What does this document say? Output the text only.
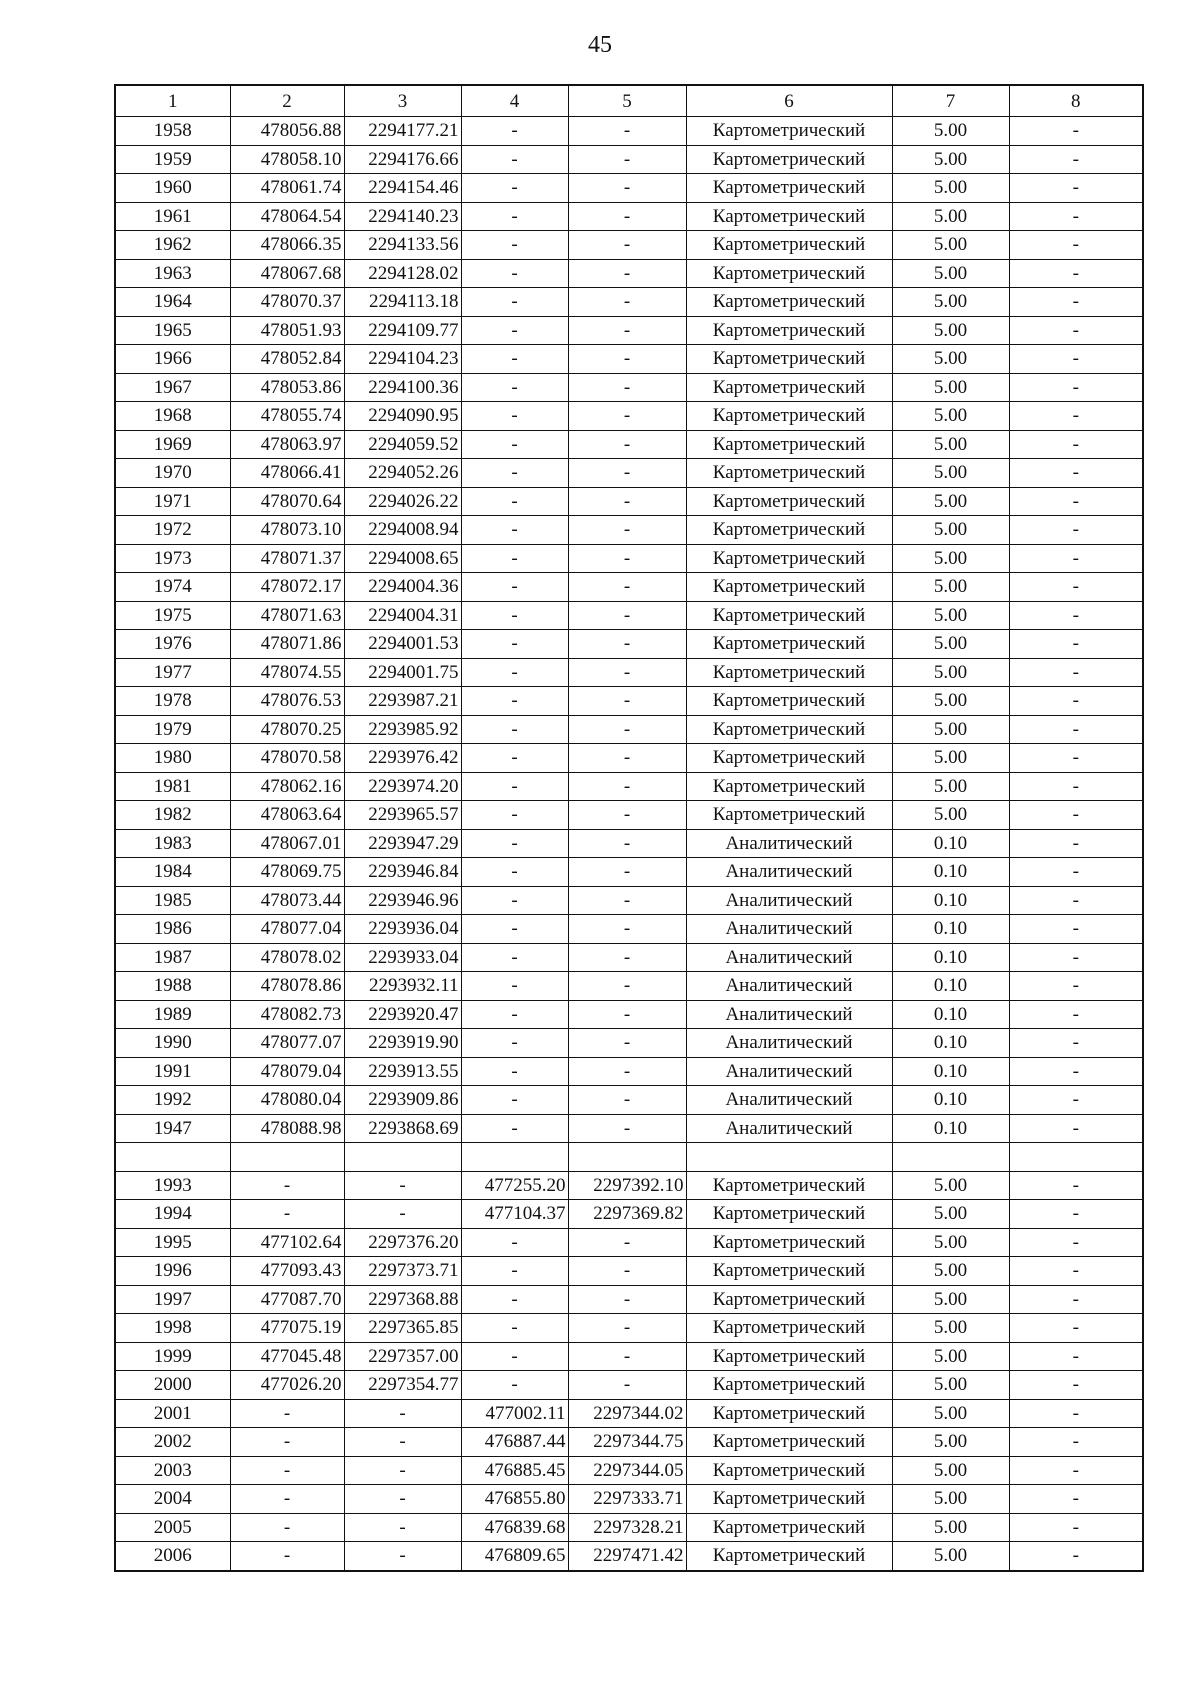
45
1	2	3	4	5	6	7	8
1958	478056.88	2294177.21	-	-	Картометрический	5.00	-
1959	478058.10	2294176.66	-	-	Картометрический	5.00	-
1960	478061.74	2294154.46	-	-	Картометрический	5.00	-
1961	478064.54	2294140.23	-	-	Картометрический	5.00	-
1962	478066.35	2294133.56	-	-	Картометрический	5.00	-
1963	478067.68	2294128.02	-	-	Картометрический	5.00	-
1964	478070.37	2294113.18	-	-	Картометрический	5.00	-
1965	478051.93	2294109.77	-	-	Картометрический	5.00	-
1966	478052.84	2294104.23	-	-	Картометрический	5.00	-
1967	478053.86	2294100.36	-	-	Картометрический	5.00	-
1968	478055.74	2294090.95	-	-	Картометрический	5.00	-
1969	478063.97	2294059.52	-	-	Картометрический	5.00	-
1970	478066.41	2294052.26	-	-	Картометрический	5.00	-
1971	478070.64	2294026.22	-	-	Картометрический	5.00	-
1972	478073.10	2294008.94	-	-	Картометрический	5.00	-
1973	478071.37	2294008.65	-	-	Картометрический	5.00	-
1974	478072.17	2294004.36	-	-	Картометрический	5.00	-
1975	478071.63	2294004.31	-	-	Картометрический	5.00	-
1976	478071.86	2294001.53	-	-	Картометрический	5.00	-
1977	478074.55	2294001.75	-	-	Картометрический	5.00	-
1978	478076.53	2293987.21	-	-	Картометрический	5.00	-
1979	478070.25	2293985.92	-	-	Картометрический	5.00	-
1980	478070.58	2293976.42	-	-	Картометрический	5.00	-
1981	478062.16	2293974.20	-	-	Картометрический	5.00	-
1982	478063.64	2293965.57	-	-	Картометрический	5.00	-
1983	478067.01	2293947.29	-	-	Аналитический	0.10	-
1984	478069.75	2293946.84	-	-	Аналитический	0.10	-
1985	478073.44	2293946.96	-	-	Аналитический	0.10	-
1986	478077.04	2293936.04	-	-	Аналитический	0.10	-
1987	478078.02	2293933.04	-	-	Аналитический	0.10	-
1988	478078.86	2293932.11	-	-	Аналитический	0.10	-
1989	478082.73	2293920.47	-	-	Аналитический	0.10	-
1990	478077.07	2293919.90	-	-	Аналитический	0.10	-
1991	478079.04	2293913.55	-	-	Аналитический	0.10	-
1992	478080.04	2293909.86	-	-	Аналитический	0.10	-
1947	478088.98	2293868.69	-	-	Аналитический	0.10	-

1993	-	-	477255.20	2297392.10	Картометрический	5.00	-
1994	-	-	477104.37	2297369.82	Картометрический	5.00	-
1995	477102.64	2297376.20	-	-	Картометрический	5.00	-
1996	477093.43	2297373.71	-	-	Картометрический	5.00	-
1997	477087.70	2297368.88	-	-	Картометрический	5.00	-
1998	477075.19	2297365.85	-	-	Картометрический	5.00	-
1999	477045.48	2297357.00	-	-	Картометрический	5.00	-
2000	477026.20	2297354.77	-	-	Картометрический	5.00	-
2001	-	-	477002.11	2297344.02	Картометрический	5.00	-
2002	-	-	476887.44	2297344.75	Картометрический	5.00	-
2003	-	-	476885.45	2297344.05	Картометрический	5.00	-
2004	-	-	476855.80	2297333.71	Картометрический	5.00	-
2005	-	-	476839.68	2297328.21	Картометрический	5.00	-
2006	-	-	476809.65	2297471.42	Картометрический	5.00	-
